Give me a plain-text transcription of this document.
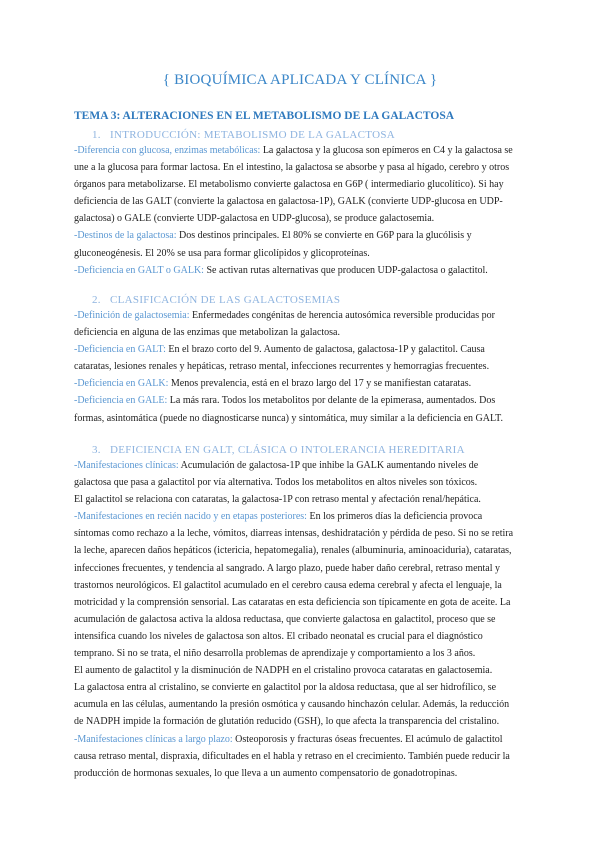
{ BIOQUÍMICA APLICADA Y CLÍNICA }
TEMA 3: ALTERACIONES EN EL METABOLISMO DE LA GALACTOSA
1. INTRODUCCIÓN: METABOLISMO DE LA GALACTOSA

-Diferencia con glucosa, enzimas metabólicas: La galactosa y la glucosa son epímeros en C4 y la galactosa se une a la glucosa para formar lactosa. En el intestino, la galactosa se absorbe y pasa al hígado, cerebro y otros órganos para metabolizarse. El metabolismo convierte galactosa en G6P ( intermediario glucolítico). Si hay deficiencia de las GALT (convierte la galactosa en galactosa-1P), GALK (convierte UDP-glucosa en UDP-galactosa) o GALE (convierte UDP-galactosa en UDP-glucosa), se produce galactosemia.

-Destinos de la galactosa: Dos destinos principales. El 80% se convierte en G6P para la glucólisis y gluconeogénesis. El 20% se usa para formar glicolípidos y glicoproteínas.

-Deficiencia en GALT o GALK: Se activan rutas alternativas que producen UDP-galactosa o galactitol.

2. CLASIFICACIÓN DE LAS GALACTOSEMIAS

-Definición de galactosemia: Enfermedades congénitas de herencia autosómica reversible producidas por deficiencia en alguna de las enzimas que metabolizan la galactosa.

-Deficiencia en GALT: En el brazo corto del 9. Aumento de galactosa, galactosa-1P y galactitol. Causa cataratas, lesiones renales y hepáticas, retraso mental, infecciones recurrentes y hemorragias frecuentes.

-Deficiencia en GALK: Menos prevalencia, está en el brazo largo del 17 y se manifiestan cataratas.

-Deficiencia en GALE: La más rara. Todos los metabolitos por delante de la epimerasa, aumentados. Dos formas, asintomática (puede no diagnosticarse nunca) y sintomática, muy similar a la deficiencia en GALT.

3. DEFICIENCIA EN GALT, CLÁSICA O INTOLERANCIA HEREDITARIA

-Manifestaciones clínicas: Acumulación de galactosa-1P que inhibe la GALK aumentando niveles de galactosa que pasa a galactitol por vía alternativa. Todos los metabolitos en altos niveles son tóxicos.

El galactitol se relaciona con cataratas, la galactosa-1P con retraso mental y afectación renal/hepática.

-Manifestaciones en recién nacido y en etapas posteriores: En los primeros días la deficiencia provoca síntomas como rechazo a la leche, vómitos, diarreas intensas, deshidratación y pérdida de peso. Si no se retira la leche, aparecen daños hepáticos (ictericia, hepatomegalia), renales (albuminuria, aminoaciduria), cataratas, infecciones frecuentes, y tendencia al sangrado. A largo plazo, puede haber daño cerebral, retraso mental y trastornos neurológicos. El galactitol acumulado en el cerebro causa edema cerebral y afecta el lenguaje, la motricidad y la comprensión sensorial. Las cataratas en esta deficiencia son típicamente en gota de aceite. La acumulación de galactosa activa la aldosa reductasa, que convierte galactosa en galactitol, proceso que se intensifica cuando los niveles de galactosa son altos. El cribado neonatal es crucial para el diagnóstico temprano. Si no se trata, el niño desarrolla problemas de aprendizaje y comportamiento a los 3 años.

El aumento de galactitol y la disminución de NADPH en el cristalino provoca cataratas en galactosemia.

La galactosa entra al cristalino, se convierte en galactitol por la aldosa reductasa, que al ser hidrofílico, se acumula en las células, aumentando la presión osmótica y causando hinchazón celular. Además, la reducción de NADPH impide la formación de glutatión reducido (GSH), lo que afecta la transparencia del cristalino.

-Manifestaciones clínicas a largo plazo: Osteoporosis y fracturas óseas frecuentes. El acúmulo de galactitol causa retraso mental, dispraxia, dificultades en el habla y retraso en el crecimiento. También puede reducir la producción de hormonas sexuales, lo que lleva a un aumento compensatorio de gonadotropinas.
